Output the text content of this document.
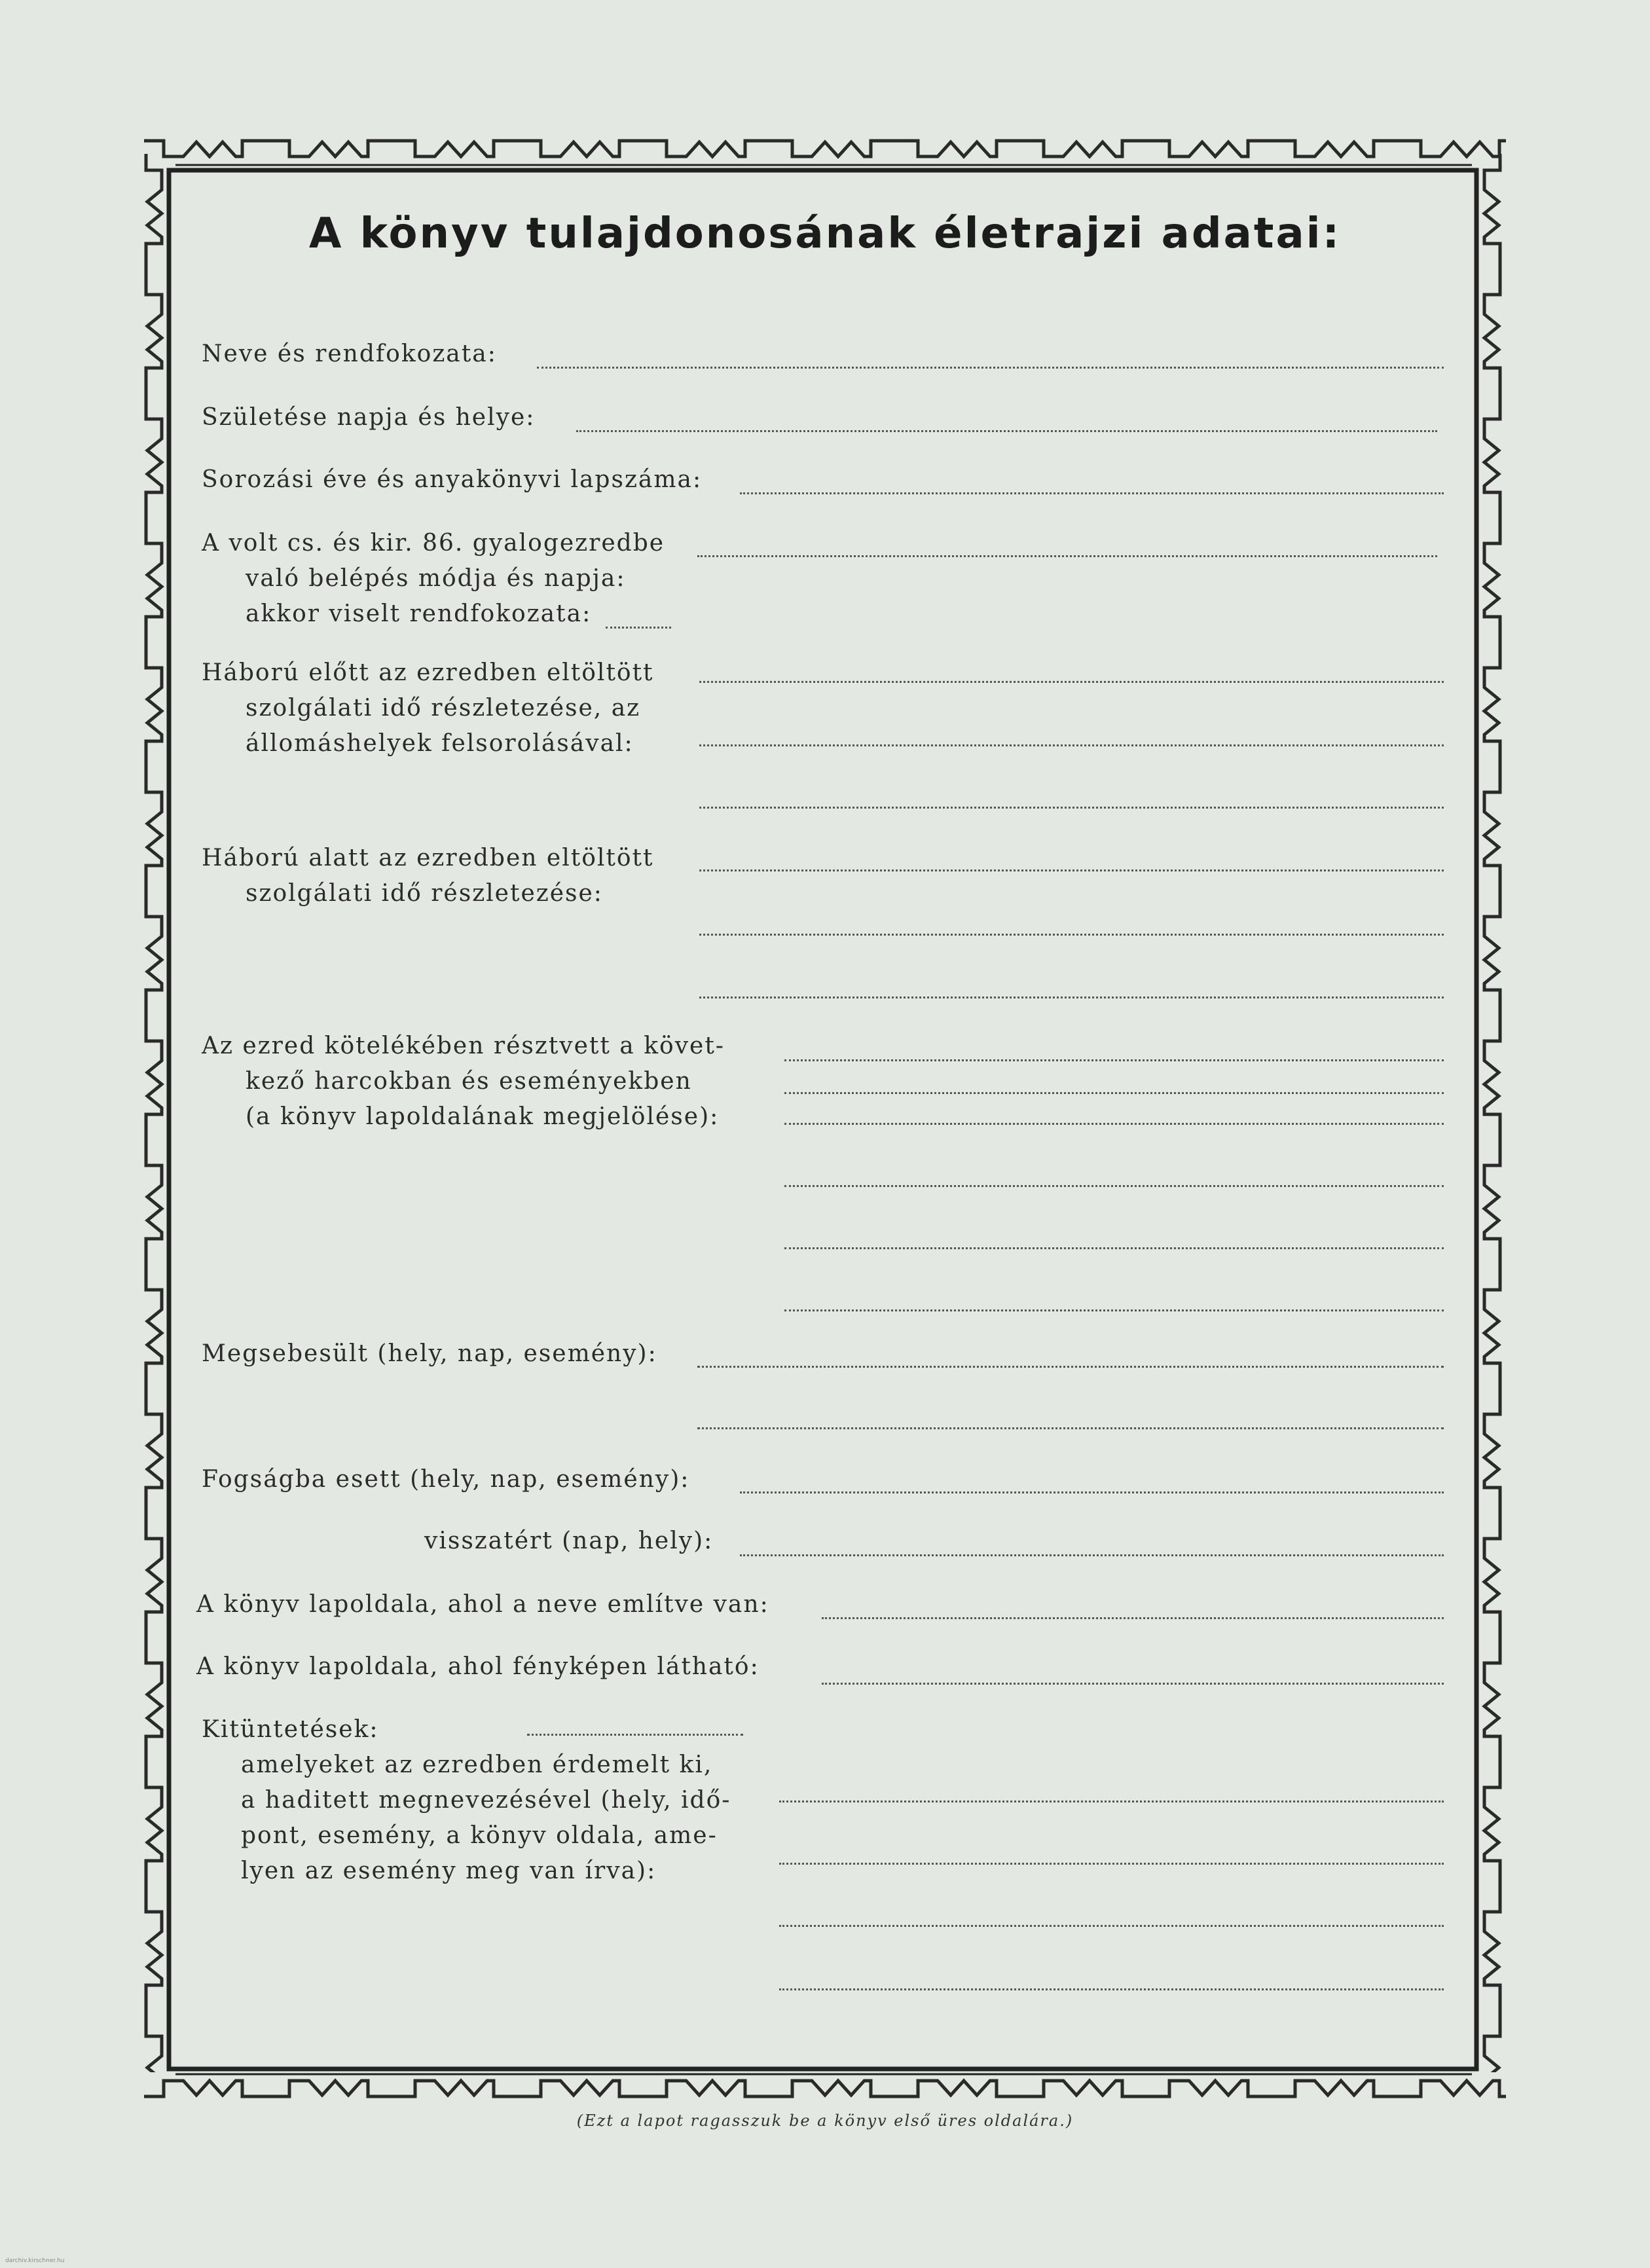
A könyv tulajdonosának életrajzi adatai:
Neve és rendfokozata:
Születése napja és helye:
Sorozási éve és anyakönyvi lapszáma:
A volt cs. és kir. 86. gyalogezredbe
való belépés módja és napja:
akkor viselt rendfokozata:
Háború előtt az ezredben eltöltött
szolgálati idő részletezése, az
állomáshelyek felsorolásával:
Háború alatt az ezredben eltöltött
szolgálati idő részletezése:
Az ezred kötelékében résztvett a követ-
kező harcokban és eseményekben
(a könyv lapoldalának megjelölése):
Megsebesült (hely, nap, esemény):
Fogságba esett (hely, nap, esemény):
visszatért (nap, hely):
A könyv lapoldala, ahol a neve említve van:
A könyv lapoldala, ahol fényképen látható:
Kitüntetések:
amelyeket az ezredben érdemelt ki,
a haditett megnevezésével (hely, idő-
pont, esemény, a könyv oldala, ame-
lyen az esemény meg van írva):
(Ezt a lapot ragasszuk be a könyv első üres oldalára.)
darchiv.kirschner.hu
